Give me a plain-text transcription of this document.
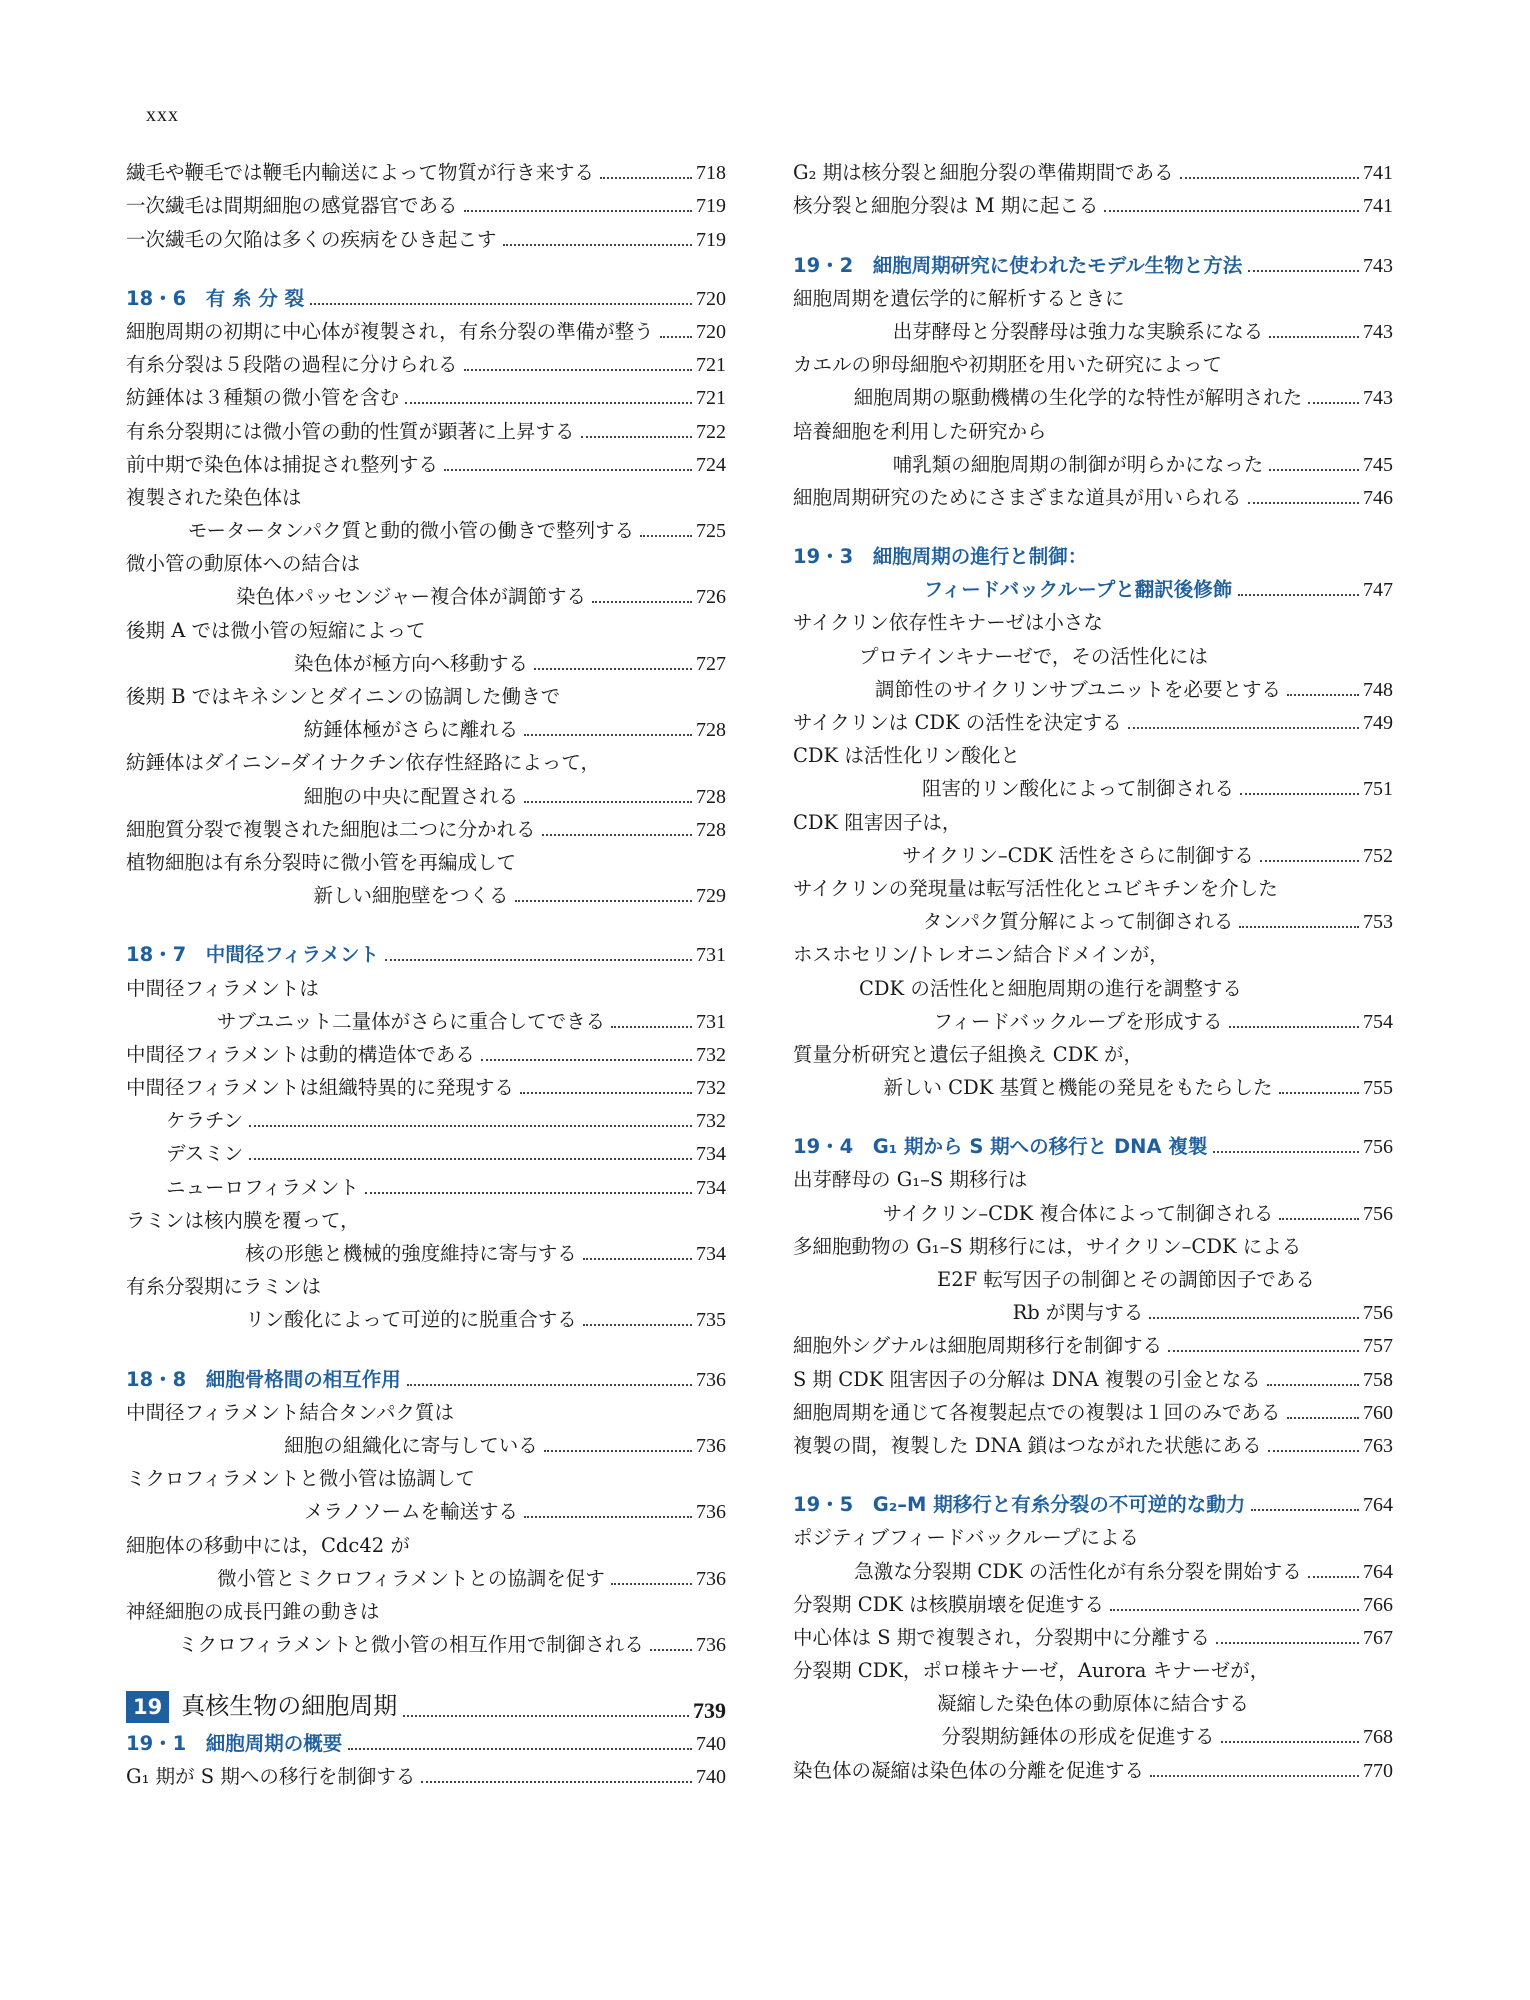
xxx
繊毛や鞭毛では鞭毛内輸送によって物質が行き来する	718
一次繊毛は間期細胞の感覚器官である	719
一次繊毛の欠陥は多くの疾病をひき起こす	719
18・6　有 糸 分 裂	720
細胞周期の初期に中心体が複製され，有糸分裂の準備が整う 720
有糸分裂は５段階の過程に分けられる	721
紡錘体は３種類の微小管を含む	721
有糸分裂期には微小管の動的性質が顕著に上昇する	722
前中期で染色体は捕捉され整列する	724
複製された染色体は
モータータンパク質と動的微小管の働きで整列する	725
微小管の動原体への結合は
染色体パッセンジャー複合体が調節する	726
後期 A では微小管の短縮によって
染色体が極方向へ移動する	727
後期 B ではキネシンとダイニンの協調した働きで
紡錘体極がさらに離れる	728
紡錘体はダイニン–ダイナクチン依存性経路によって，
細胞の中央に配置される	728
細胞質分裂で複製された細胞は二つに分かれる	728
植物細胞は有糸分裂時に微小管を再編成して
新しい細胞壁をつくる	729
18・7　中間径フィラメント	731
中間径フィラメントは
サブユニット二量体がさらに重合してできる	731
中間径フィラメントは動的構造体である	732
中間径フィラメントは組織特異的に発現する	732
ケラチン	732
デスミン	734
ニューロフィラメント	734
ラミンは核内膜を覆って，
核の形態と機械的強度維持に寄与する	734
有糸分裂期にラミンは
リン酸化によって可逆的に脱重合する	735
18・8　細胞骨格間の相互作用	736
中間径フィラメント結合タンパク質は
細胞の組織化に寄与している	736
ミクロフィラメントと微小管は協調して
メラノソームを輸送する	736
細胞体の移動中には，Cdc42 が
微小管とミクロフィラメントとの協調を促す	736
神経細胞の成長円錐の動きは
ミクロフィラメントと微小管の相互作用で制御される	736
19 真核生物の細胞周期	739
19・1　細胞周期の概要	740
G₁ 期が S 期への移行を制御する	740
G₂ 期は核分裂と細胞分裂の準備期間である	741
核分裂と細胞分裂は M 期に起こる	741
19・2　細胞周期研究に使われたモデル生物と方法	743
細胞周期を遺伝学的に解析するときに
出芽酵母と分裂酵母は強力な実験系になる	743
カエルの卵母細胞や初期胚を用いた研究によって
細胞周期の駆動機構の生化学的な特性が解明された	743
培養細胞を利用した研究から
哺乳類の細胞周期の制御が明らかになった	745
細胞周期研究のためにさまざまな道具が用いられる	746
19・3　細胞周期の進行と制御：
フィードバックループと翻訳後修飾	747
サイクリン依存性キナーゼは小さな
プロテインキナーゼで，その活性化には
調節性のサイクリンサブユニットを必要とする	748
サイクリンは CDK の活性を決定する	749
CDK は活性化リン酸化と
阻害的リン酸化によって制御される	751
CDK 阻害因子は，
サイクリン–CDK 活性をさらに制御する	752
サイクリンの発現量は転写活性化とユビキチンを介した
タンパク質分解によって制御される	753
ホスホセリン/トレオニン結合ドメインが，
CDK の活性化と細胞周期の進行を調整する
フィードバックループを形成する	754
質量分析研究と遺伝子組換え CDK が，
新しい CDK 基質と機能の発見をもたらした	755
19・4　G₁ 期から S 期への移行と DNA 複製	756
出芽酵母の G₁–S 期移行は
サイクリン–CDK 複合体によって制御される	756
多細胞動物の G₁–S 期移行には，サイクリン–CDK による
E2F 転写因子の制御とその調節因子である
Rb が関与する	756
細胞外シグナルは細胞周期移行を制御する	757
S 期 CDK 阻害因子の分解は DNA 複製の引金となる	758
細胞周期を通じて各複製起点での複製は１回のみである	760
複製の間，複製した DNA 鎖はつながれた状態にある	763
19・5　G₂–M 期移行と有糸分裂の不可逆的な動力	764
ポジティブフィードバックループによる
急激な分裂期 CDK の活性化が有糸分裂を開始する	764
分裂期 CDK は核膜崩壊を促進する	766
中心体は S 期で複製され，分裂期中に分離する	767
分裂期 CDK，ポロ様キナーゼ，Aurora キナーゼが，
凝縮した染色体の動原体に結合する
分裂期紡錘体の形成を促進する	768
染色体の凝縮は染色体の分離を促進する	770
